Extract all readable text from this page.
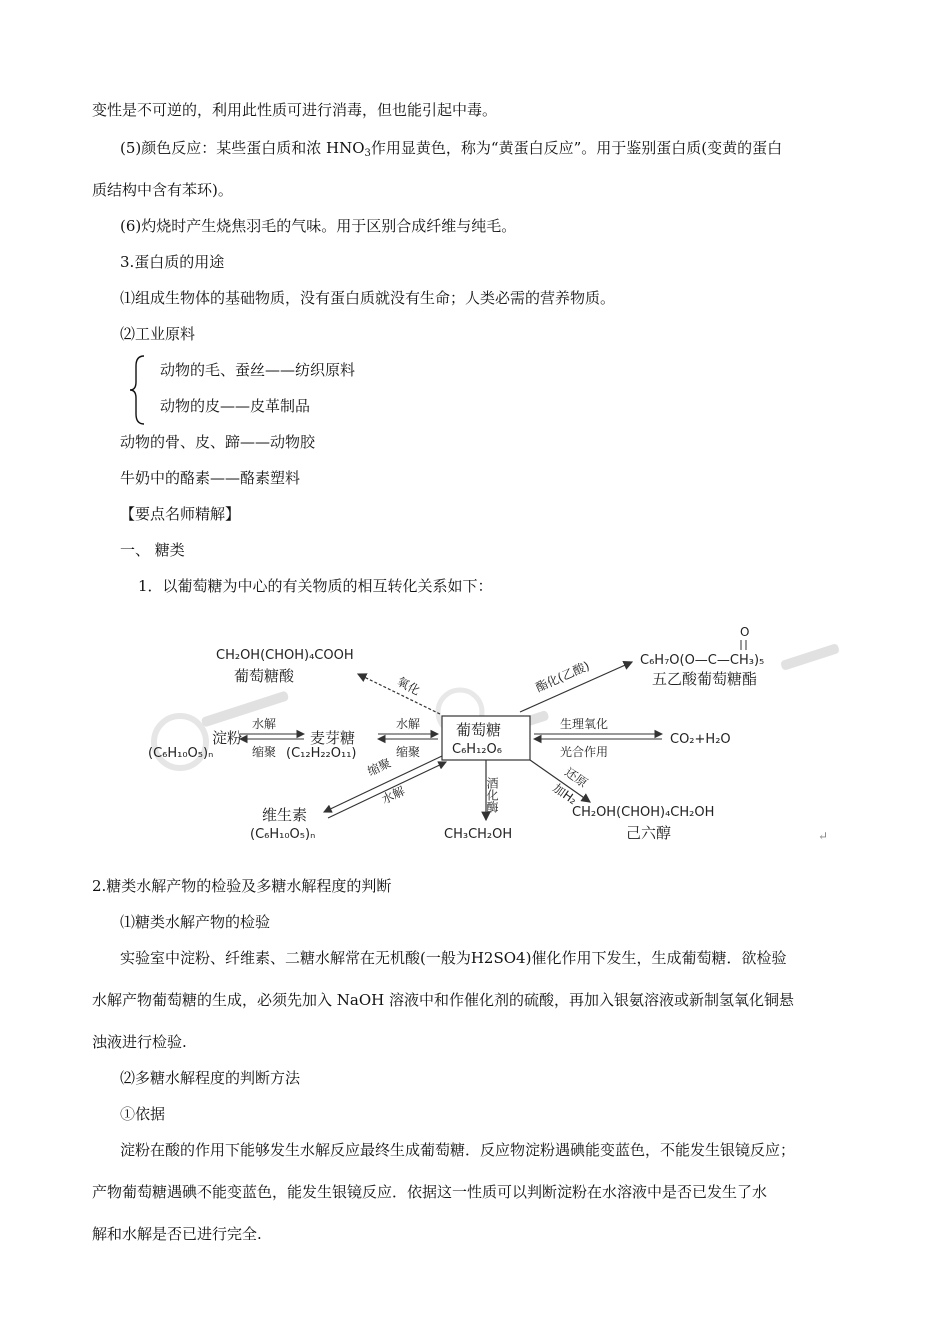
变性是不可逆的，利用此性质可进行消毒，但也能引起中毒。
(5)颜色反应：某些蛋白质和浓 $HNO_3$作用显黄色，称为“黄蛋白反应”。用于鉴别蛋白质(变黄的蛋白
质结构中含有苯环)。
(6)灼烧时产生烧焦羽毛的气味。用于区别合成纤维与纯毛。
3.蛋白质的用途
⑴组成生物体的基础物质，没有蛋白质就没有生命；人类必需的营养物质。
⑵工业原料
动物的毛、蚕丝——纺织原料
动物的皮——皮革制品
动物的骨、皮、蹄——动物胶
牛奶中的酪素——酪素塑料
【要点名师精解】
一、 糖类
1．以葡萄糖为中心的有关物质的相互转化关系如下：
CH₂OH(CHOH)₄COOH
葡萄糖酸	氧化
O
C₆H₇O(O—C—CH₃)₅
五乙酸葡萄糖酯
酯化(乙酸)
淀粉
(C₆H₁₀O₅)ₙ
水解
缩聚
麦芽糖
(C₁₂H₂₂O₁₁)
水解
缩聚
葡萄糖
C₆H₁₂O₆
生理氧化
光合作用
CO₂+H₂O
缩聚
水解
维生素
(C₆H₁₀O₅)ₙ
酒化酶
CH₃CH₂OH
还原
加H₂
CH₂OH(CHOH)₄CH₂OH
己六醇	↵
2.糖类水解产物的检验及多糖水解程度的判断
⑴糖类水解产物的检验
实验室中淀粉、纤维素、二糖水解常在无机酸(一般为H2SO4)催化作用下发生，生成葡萄糖．欲检验
水解产物葡萄糖的生成，必须先加入 NaOH 溶液中和作催化剂的硫酸，再加入银氨溶液或新制氢氧化铜悬
浊液进行检验.
⑵多糖水解程度的判断方法
①依据
淀粉在酸的作用下能够发生水解反应最终生成葡萄糖．反应物淀粉遇碘能变蓝色，不能发生银镜反应；
产物葡萄糖遇碘不能变蓝色，能发生银镜反应．依据这一性质可以判断淀粉在水溶液中是否已发生了水
解和水解是否已进行完全.
